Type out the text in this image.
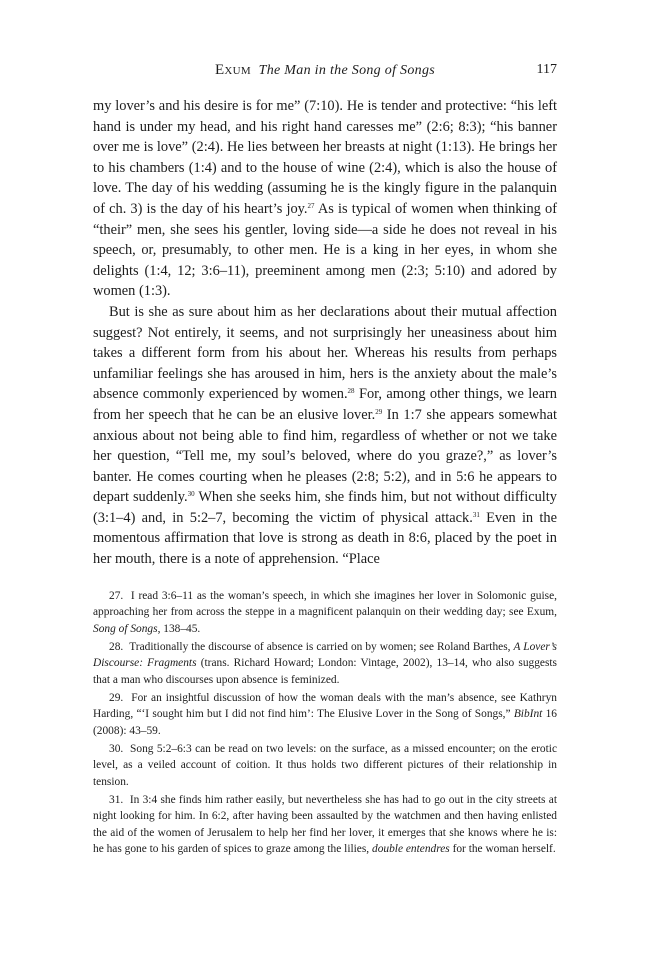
Exum The Man in the Song of Songs	117

my lover’s and his desire is for me” (7:10). He is tender and protective: “his left hand is under my head, and his right hand caresses me” (2:6; 8:3); “his banner over me is love” (2:4). He lies between her breasts at night (1:13). He brings her to his chambers (1:4) and to the house of wine (2:4), which is also the house of love. The day of his wedding (assuming he is the kingly figure in the palanquin of ch. 3) is the day of his heart’s joy.$^{27}$ As is typical of women when thinking of “their” men, she sees his gentler, loving side—a side he does not reveal in his speech, or, presumably, to other men. He is a king in her eyes, in whom she delights (1:4, 12; 3:6–11), preeminent among men (2:3; 5:10) and adored by women (1:3).

But is she as sure about him as her declarations about their mutual affection suggest? Not entirely, it seems, and not surprisingly her uneasiness about him takes a different form from his about her. Whereas his results from perhaps unfamiliar feelings she has aroused in him, hers is the anxiety about the male’s absence commonly experienced by women.$^{28}$ For, among other things, we learn from her speech that he can be an elusive lover.$^{29}$ In 1:7 she appears somewhat anxious about not being able to find him, regardless of whether or not we take her question, “Tell me, my soul’s beloved, where do you graze?,” as lover’s banter. He comes courting when he pleases (2:8; 5:2), and in 5:6 he appears to depart suddenly.$^{30}$ When she seeks him, she finds him, but not without difficulty (3:1–4) and, in 5:2–7, becoming the victim of physical attack.$^{31}$ Even in the momentous affirmation that love is strong as death in 8:6, placed by the poet in her mouth, there is a note of apprehension. “Place

27.  I read 3:6–11 as the woman’s speech, in which she imagines her lover in Solomonic guise, approaching her from across the steppe in a magnificent palanquin on their wedding day; see Exum, Song of Songs, 138–45.

28.  Traditionally the discourse of absence is carried on by women; see Roland Barthes, A Lover’s Discourse: Fragments (trans. Richard Howard; London: Vintage, 2002), 13–14, who also suggests that a man who discourses upon absence is feminized.

29.  For an insightful discussion of how the woman deals with the man’s absence, see Kathryn Harding, “‘I sought him but I did not find him’: The Elusive Lover in the Song of Songs,” BibInt 16 (2008): 43–59.

30.  Song 5:2–6:3 can be read on two levels: on the surface, as a missed encounter; on the erotic level, as a veiled account of coition. It thus holds two different pictures of their relationship in tension.

31.  In 3:4 she finds him rather easily, but nevertheless she has had to go out in the city streets at night looking for him. In 6:2, after having been assaulted by the watchmen and then having enlisted the aid of the women of Jerusalem to help her find her lover, it emerges that she knows where he is: he has gone to his garden of spices to graze among the lilies, double entendres for the woman herself.
